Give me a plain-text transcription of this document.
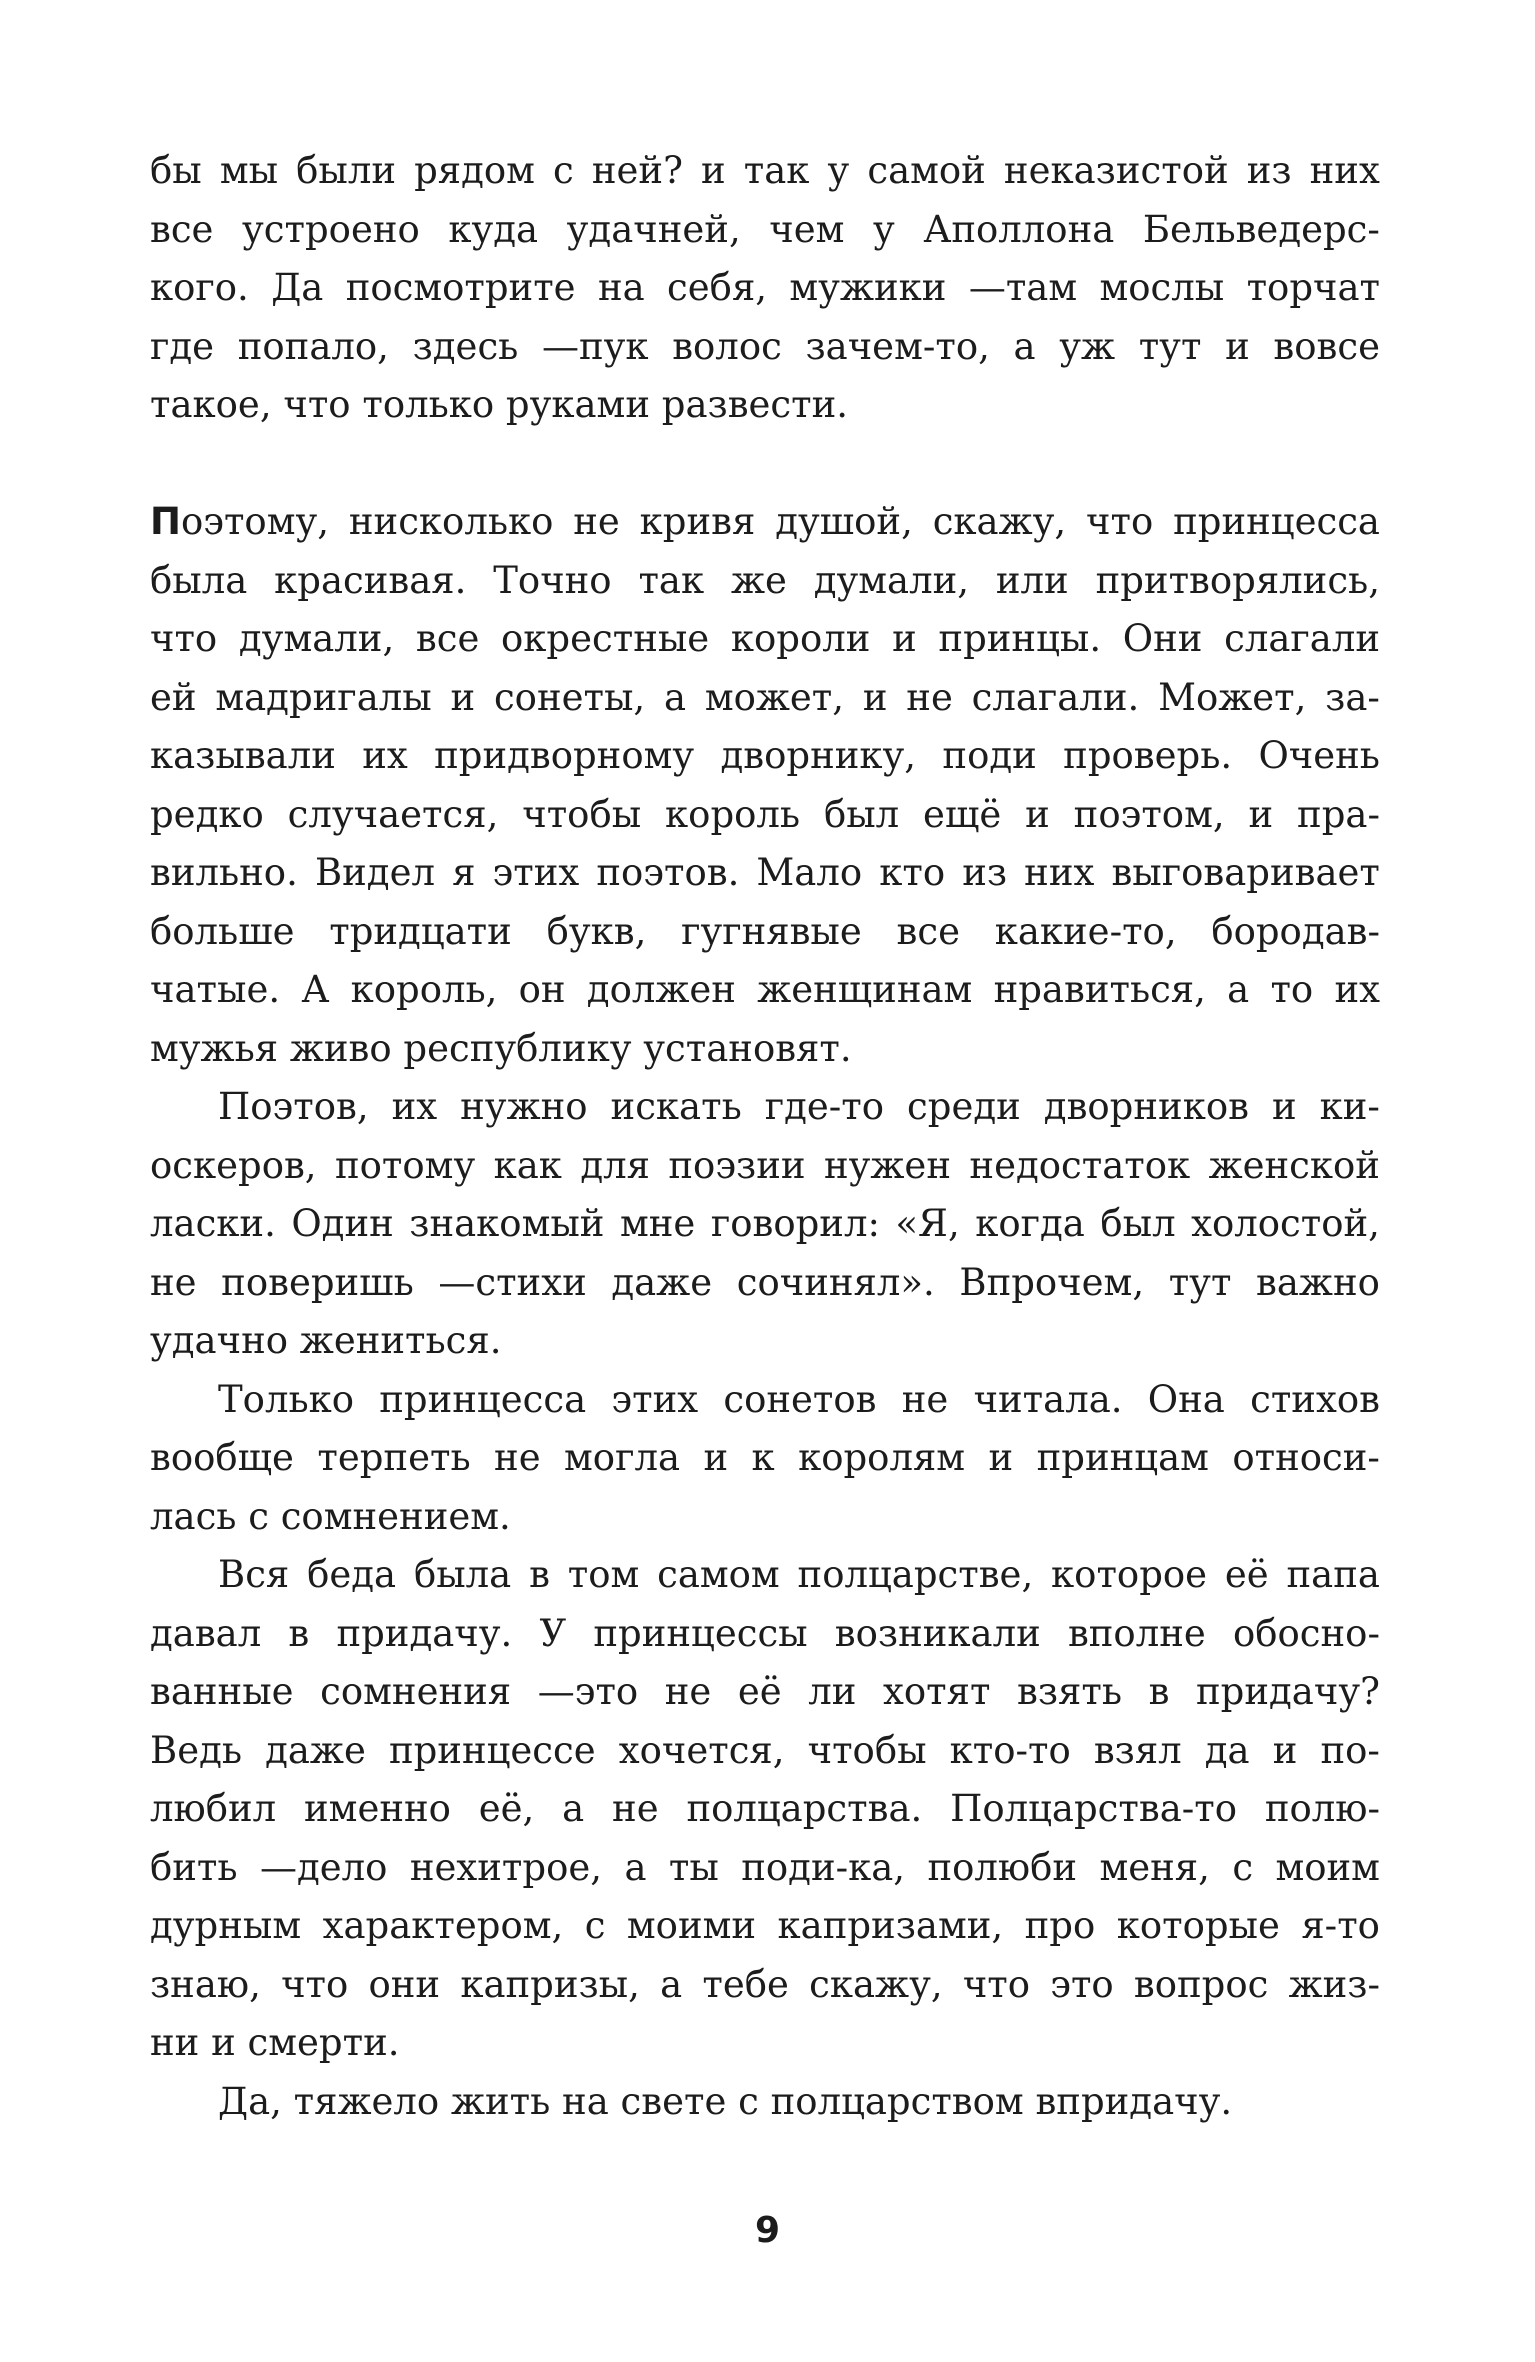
бы мы были рядом с ней? и так у самой неказистой из них
все устроено куда удачней, чем у Аполлона Бельведерс-
кого. Да посмотрите на себя, мужики —там мослы торчат
где попало, здесь —пук волос зачем-то, а уж тут и вовсе
такое,
что
только
руками
развести.
Поэтому, нисколько не кривя душой, скажу, что принцесса
была красивая. Точно так же думали, или притворялись,
что думали, все окрестные короли и принцы. Они слагали
ей мадригалы и сонеты, а может, и не слагали. Может, за-
казывали их придворному дворнику, поди проверь. Очень
редко случается, чтобы король был ещё и поэтом, и пра-
вильно. Видел я этих поэтов. Мало кто из них выговаривает
больше тридцати букв, гугнявые все какие-то, бородав-
чатые. А король, он должен женщинам нравиться, а то их
мужья
живо
республику
установят.
Поэтов, их нужно искать где-то среди дворников и ки-
оскеров, потому как для поэзии нужен недостаток женской
ласки. Один знакомый мне говорил: «Я, когда был холостой,
не поверишь —стихи даже сочинял». Впрочем, тут важно
удачно
жениться.
Только принцесса этих сонетов не читала. Она стихов
вообще терпеть не могла и к королям и принцам относи-
лась
с
сомнением.
Вся беда была в том самом полцарстве, которое её папа
давал в придачу. У принцессы возникали вполне обосно-
ванные сомнения —это не её ли хотят взять в придачу?
Ведь даже принцессе хочется, чтобы кто-то взял да и по-
любил именно её, а не полцарства. Полцарства-то полю-
бить —дело нехитрое, а ты поди-ка, полюби меня, с моим
дурным характером, с моими капризами, про которые я-то
знаю, что они капризы, а тебе скажу, что это вопрос жиз-
ни
и
смерти.
Да,
тяжело
жить
на
свете
с
полцарством
впридачу.
9
